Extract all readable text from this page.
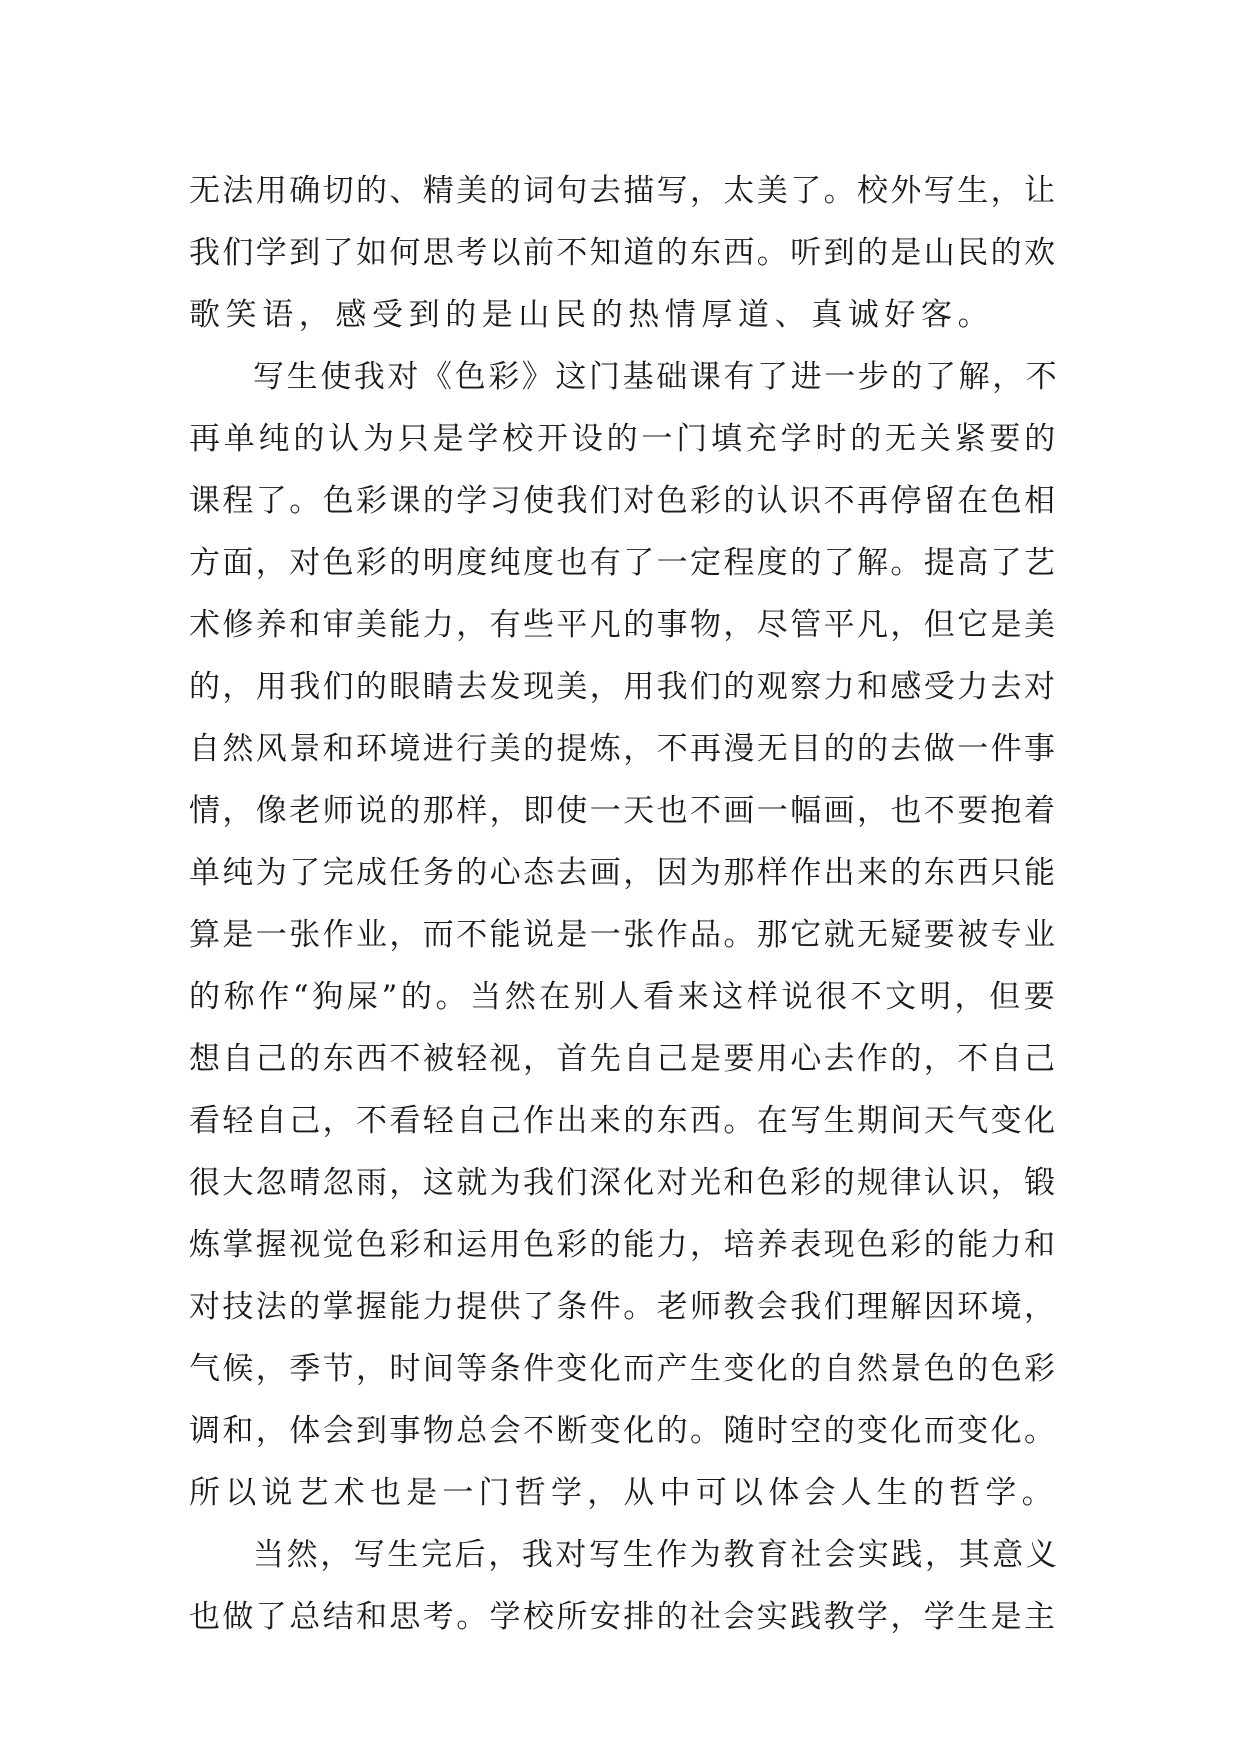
无法用确切的、精美的词句去描写，太美了。校外写生，让
我们学到了如何思考以前不知道的东西。听到的是山民的欢
歌笑语，感受到的是山民的热情厚道、真诚好客。
写生使我对《色彩》这门基础课有了进一步的了解，不
再单纯的认为只是学校开设的一门填充学时的无关紧要的
课程了。色彩课的学习使我们对色彩的认识不再停留在色相
方面，对色彩的明度纯度也有了一定程度的了解。提高了艺
术修养和审美能力，有些平凡的事物，尽管平凡，但它是美
的，用我们的眼睛去发现美，用我们的观察力和感受力去对
自然风景和环境进行美的提炼，不再漫无目的的去做一件事
情，像老师说的那样，即使一天也不画一幅画，也不要抱着
单纯为了完成任务的心态去画，因为那样作出来的东西只能
算是一张作业，而不能说是一张作品。那它就无疑要被专业
的称作“狗屎”的。当然在别人看来这样说很不文明，但要
想自己的东西不被轻视，首先自己是要用心去作的，不自己
看轻自己，不看轻自己作出来的东西。在写生期间天气变化
很大忽晴忽雨，这就为我们深化对光和色彩的规律认识，锻
炼掌握视觉色彩和运用色彩的能力，培养表现色彩的能力和
对技法的掌握能力提供了条件。老师教会我们理解因环境，
气候，季节，时间等条件变化而产生变化的自然景色的色彩
调和，体会到事物总会不断变化的。随时空的变化而变化。
所以说艺术也是一门哲学，从中可以体会人生的哲学。
当然，写生完后，我对写生作为教育社会实践，其意义
也做了总结和思考。学校所安排的社会实践教学，学生是主
